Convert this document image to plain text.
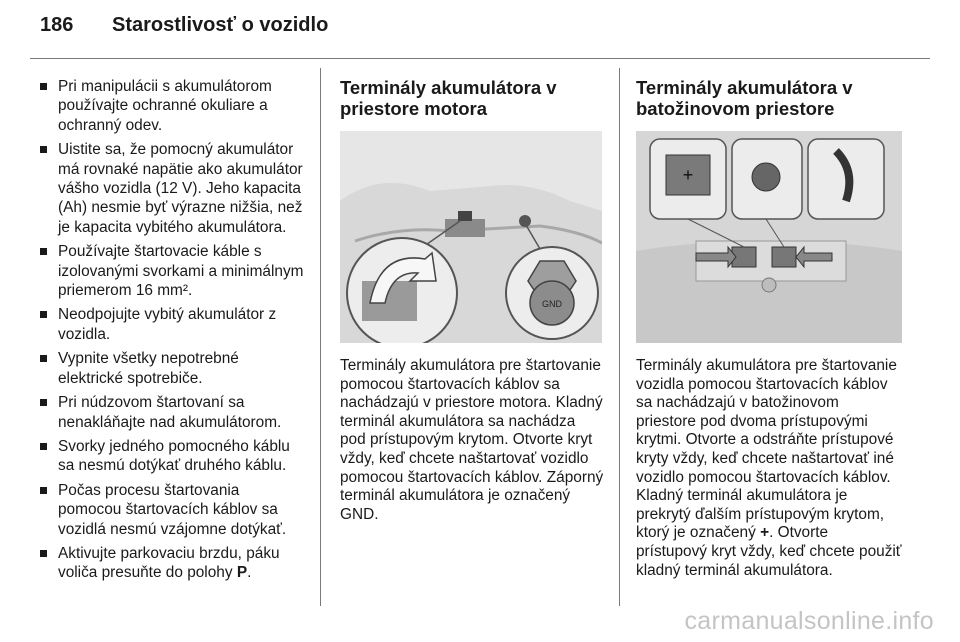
186 Starostlivosť o vozidlo
Pri manipulácii s akumulátorom používajte ochranné okuliare a ochranný odev.
Uistite sa, že pomocný akumulátor má rovnaké napätie ako akumulátor vášho vozidla (12 V). Jeho kapacita (Ah) nesmie byť výrazne nižšia, než je kapacita vybitého akumulátora.
Používajte štartovacie káble s izolovanými svorkami a minimálnym priemerom 16 mm².
Neodpojujte vybitý akumulátor z vozidla.
Vypnite všetky nepotrebné elektrické spotrebiče.
Pri núdzovom štartovaní sa nenakláňajte nad akumulátorom.
Svorky jedného pomocného káblu sa nesmú dotýkať druhého káblu.
Počas procesu štartovania pomocou štartovacích káblov sa vozidlá nesmú vzájomne dotýkať.
Aktivujte parkovaciu brzdu, páku voliča presuňte do polohy P.
Terminály akumulátora v priestore motora
GND
Terminály akumulátora pre štartovanie pomocou štartovacích káblov sa nachádzajú v priestore motora. Kladný terminál akumulátora sa nachádza pod prístupovým krytom. Otvorte kryt vždy, keď chcete naštartovať vozidlo pomocou štartovacích káblov. Záporný terminál akumulátora je označený GND.
Terminály akumulátora v batožinovom priestore
+
Terminály akumulátora pre štartovanie vozidla pomocou štartovacích káblov sa nachádzajú v batožinovom priestore pod dvoma prístupovými krytmi. Otvorte a odstráňte prístupové kryty vždy, keď chcete naštartovať iné vozidlo pomocou štartovacích káblov. Kladný terminál akumulátora je prekrytý ďalším prístupovým krytom, ktorý je označený +. Otvorte prístupový kryt vždy, keď chcete použiť kladný terminál akumulátora.
carmanualsonline.info
